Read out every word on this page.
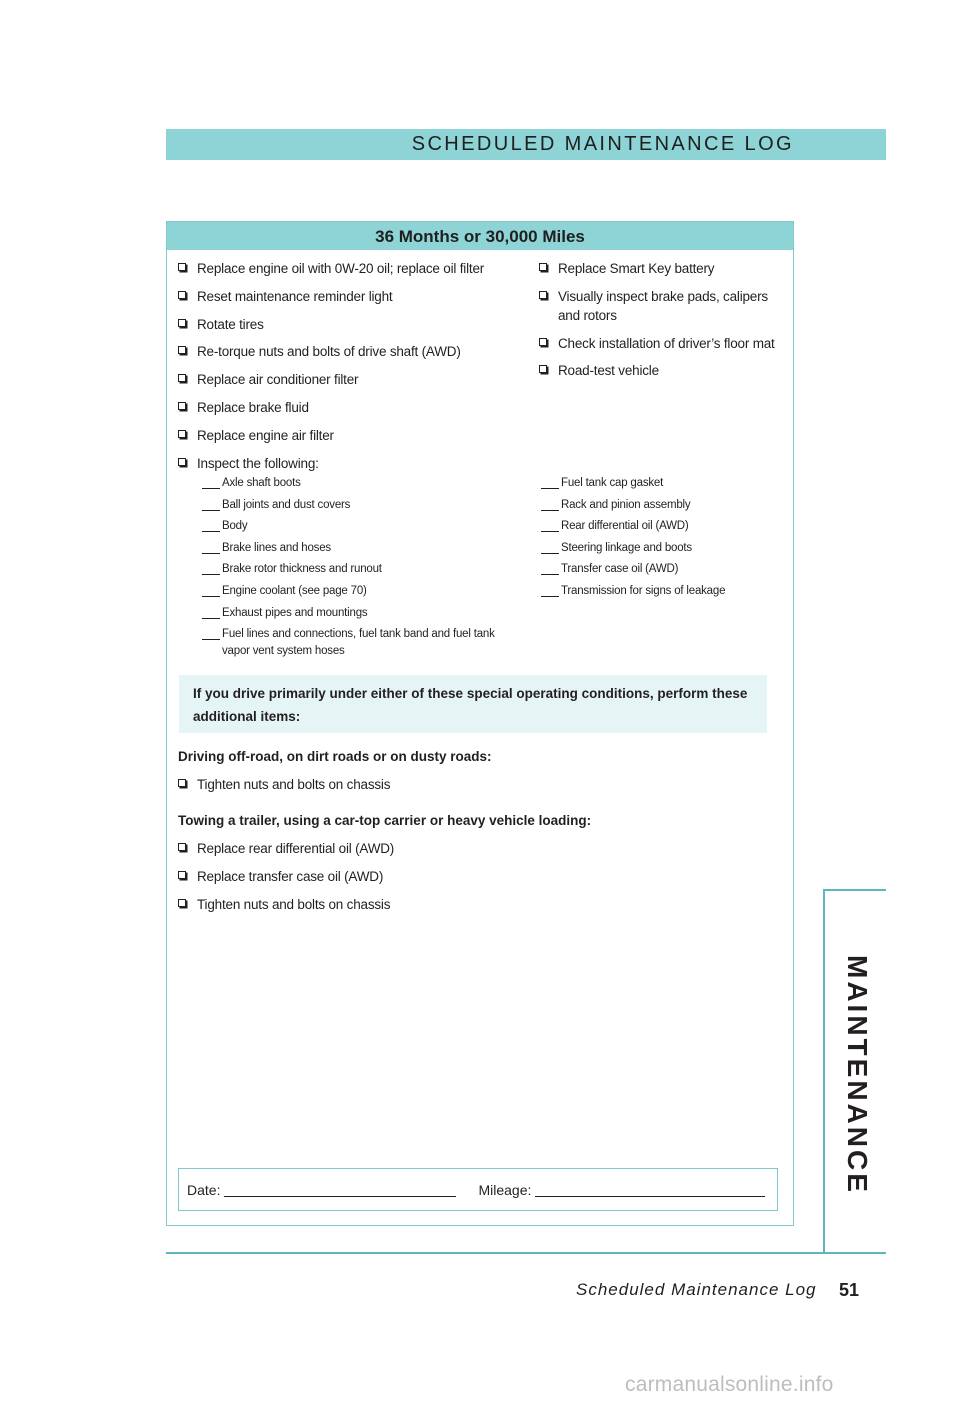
SCHEDULED MAINTENANCE LOG
36 Months or 30,000 Miles
Replace engine oil with 0W-20 oil; replace oil filter
Reset maintenance reminder light
Rotate tires
Re-torque nuts and bolts of drive shaft (AWD)
Replace air conditioner filter
Replace brake fluid
Replace engine air filter
Inspect the following:
Replace Smart Key battery
Visually inspect brake pads, calipers and rotors
Check installation of driver’s floor mat
Road-test vehicle
Axle shaft boots
Ball joints and dust covers
Body
Brake lines and hoses
Brake rotor thickness and runout
Engine coolant (see page 70)
Exhaust pipes and mountings
Fuel lines and connections, fuel tank band and fuel tank vapor vent system hoses
Fuel tank cap gasket
Rack and pinion assembly
Rear differential oil (AWD)
Steering linkage and boots
Transfer case oil (AWD)
Transmission for signs of leakage
If you drive primarily under either of these special operating conditions, perform these additional items:
Driving off-road, on dirt roads or on dusty roads:
Tighten nuts and bolts on chassis
Towing a trailer, using a car-top carrier or heavy vehicle loading:
Replace rear differential oil (AWD)
Replace transfer case oil (AWD)
Tighten nuts and bolts on chassis
Date:	Mileage:	MAINTENANCE
Scheduled Maintenance Log 51
carmanualsonline.info
